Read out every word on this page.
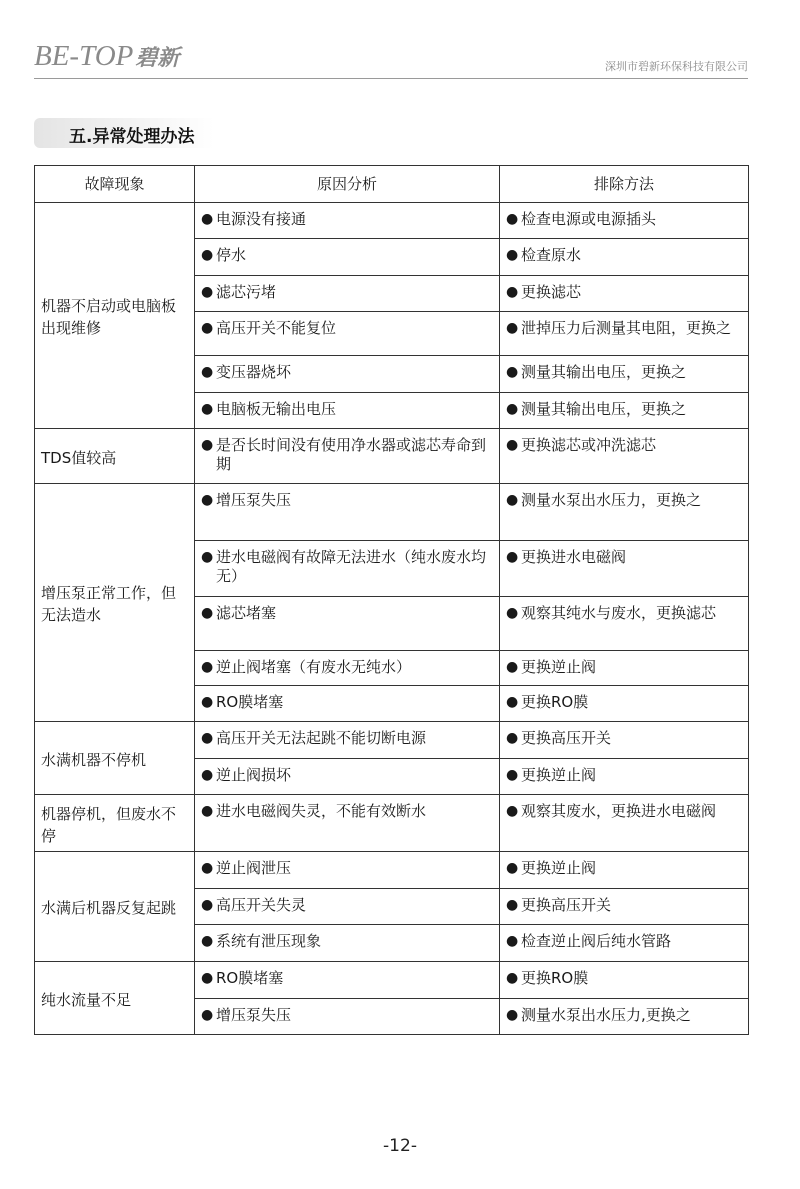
BE-TOP碧新	深圳市碧新环保科技有限公司
五.异常处理办法
故障现象	原因分析	排除方法
机器不启动或电脑板出现维修	● 电源没有接通	● 检查电源或电源插头

	● 停水	● 检查原水

	● 滤芯污堵	● 更换滤芯

	● 高压开关不能复位	● 泄掉压力后测量其电阻，更换之

	● 变压器烧坏	● 测量其输出电压，更换之

	● 电脑板无输出电压	● 测量其输出电压，更换之

TDS值较高	● 是否长时间没有使用净水器或滤芯寿命到期	● 更换滤芯或冲洗滤芯

增压泵正常工作，但无法造水	● 增压泵失压	● 测量水泵出水压力，更换之

	● 进水电磁阀有故障无法进水（纯水废水均无）	● 更换进水电磁阀

	● 滤芯堵塞	● 观察其纯水与废水，更换滤芯

	● 逆止阀堵塞（有废水无纯水）	● 更换逆止阀

	● RO膜堵塞	● 更换RO膜

水满机器不停机	● 高压开关无法起跳不能切断电源	● 更换高压开关

	● 逆止阀损坏	● 更换逆止阀

机器停机，但废水不停	● 进水电磁阀失灵，不能有效断水	● 观察其废水，更换进水电磁阀

水满后机器反复起跳	● 逆止阀泄压	● 更换逆止阀

	● 高压开关失灵	● 更换高压开关

	● 系统有泄压现象	● 检查逆止阀后纯水管路

纯水流量不足	● RO膜堵塞	● 更换RO膜

	● 增压泵失压	● 测量水泵出水压力,更换之
-12-
